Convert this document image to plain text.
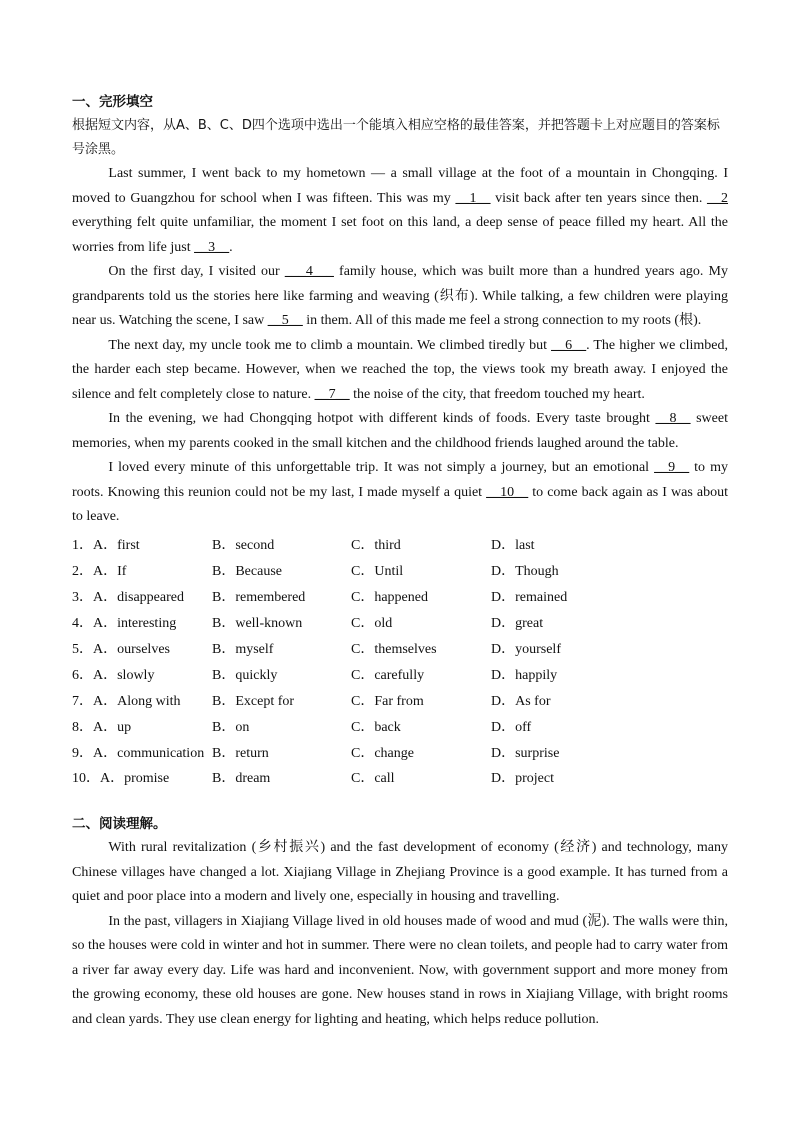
一、完形填空
根据短文内容，从A、B、C、D四个选项中选出一个能填入相应空格的最佳答案，并把答题卡上对应题目的答案标号涂黑。

Last summer, I went back to my hometown — a small village at the foot of a mountain in Chongqing. I moved to Guangzhou for school when I was fifteen. This was my __1__ visit back after ten years since then. __2 everything felt quite unfamiliar, the moment I set foot on this land, a deep sense of peace filled my heart. All the worries from life just __3__.

On the first day, I visited our ___4___ family house, which was built more than a hundred years ago. My grandparents told us the stories here like farming and weaving (织布). While talking, a few children were playing near us. Watching the scene, I saw __5__ in them. All of this made me feel a strong connection to my roots (根).

The next day, my uncle took me to climb a mountain. We climbed tiredly but __6__. The higher we climbed, the harder each step became. However, when we reached the top, the views took my breath away. I enjoyed the silence and felt completely close to nature. __7__ the noise of the city, that freedom touched my heart.

In the evening, we had Chongqing hotpot with different kinds of foods. Every taste brought __8__ sweet memories, when my parents cooked in the small kitchen and the childhood friends laughed around the table.

I loved every minute of this unforgettable trip. It was not simply a journey, but an emotional __9__ to my roots. Knowing this reunion could not be my last, I made myself a quiet __10__ to come back again as I was about to leave.

1．A．first	B．second	C．third	D．last
2．A．If	B．Because	C．Until	D．Though
3．A．disappeared	B．remembered	C．happened	D．remained
4．A．interesting	B．well-known	C．old	D．great
5．A．ourselves	B．myself	C．themselves	D．yourself
6．A．slowly	B．quickly	C．carefully	D．happily
7．A．Along with	B．Except for	C．Far from	D．As for
8．A．up	B．on	C．back	D．off
9．A．communication B．return	C．change	D．surprise
10．A．promise	B．dream	C．call	D．project
二、阅读理解。

With rural revitalization (乡村振兴) and the fast development of economy (经济) and technology, many Chinese villages have changed a lot. Xiajiang Village in Zhejiang Province is a good example. It has turned from a quiet and poor place into a modern and lively one, especially in housing and travelling.

In the past, villagers in Xiajiang Village lived in old houses made of wood and mud (泥). The walls were thin, so the houses were cold in winter and hot in summer. There were no clean toilets, and people had to carry water from a river far away every day. Life was hard and inconvenient. Now, with government support and more money from the growing economy, these old houses are gone. New houses stand in rows in Xiajiang Village, with bright rooms and clean yards. They use clean energy for lighting and heating, which helps reduce pollution.
